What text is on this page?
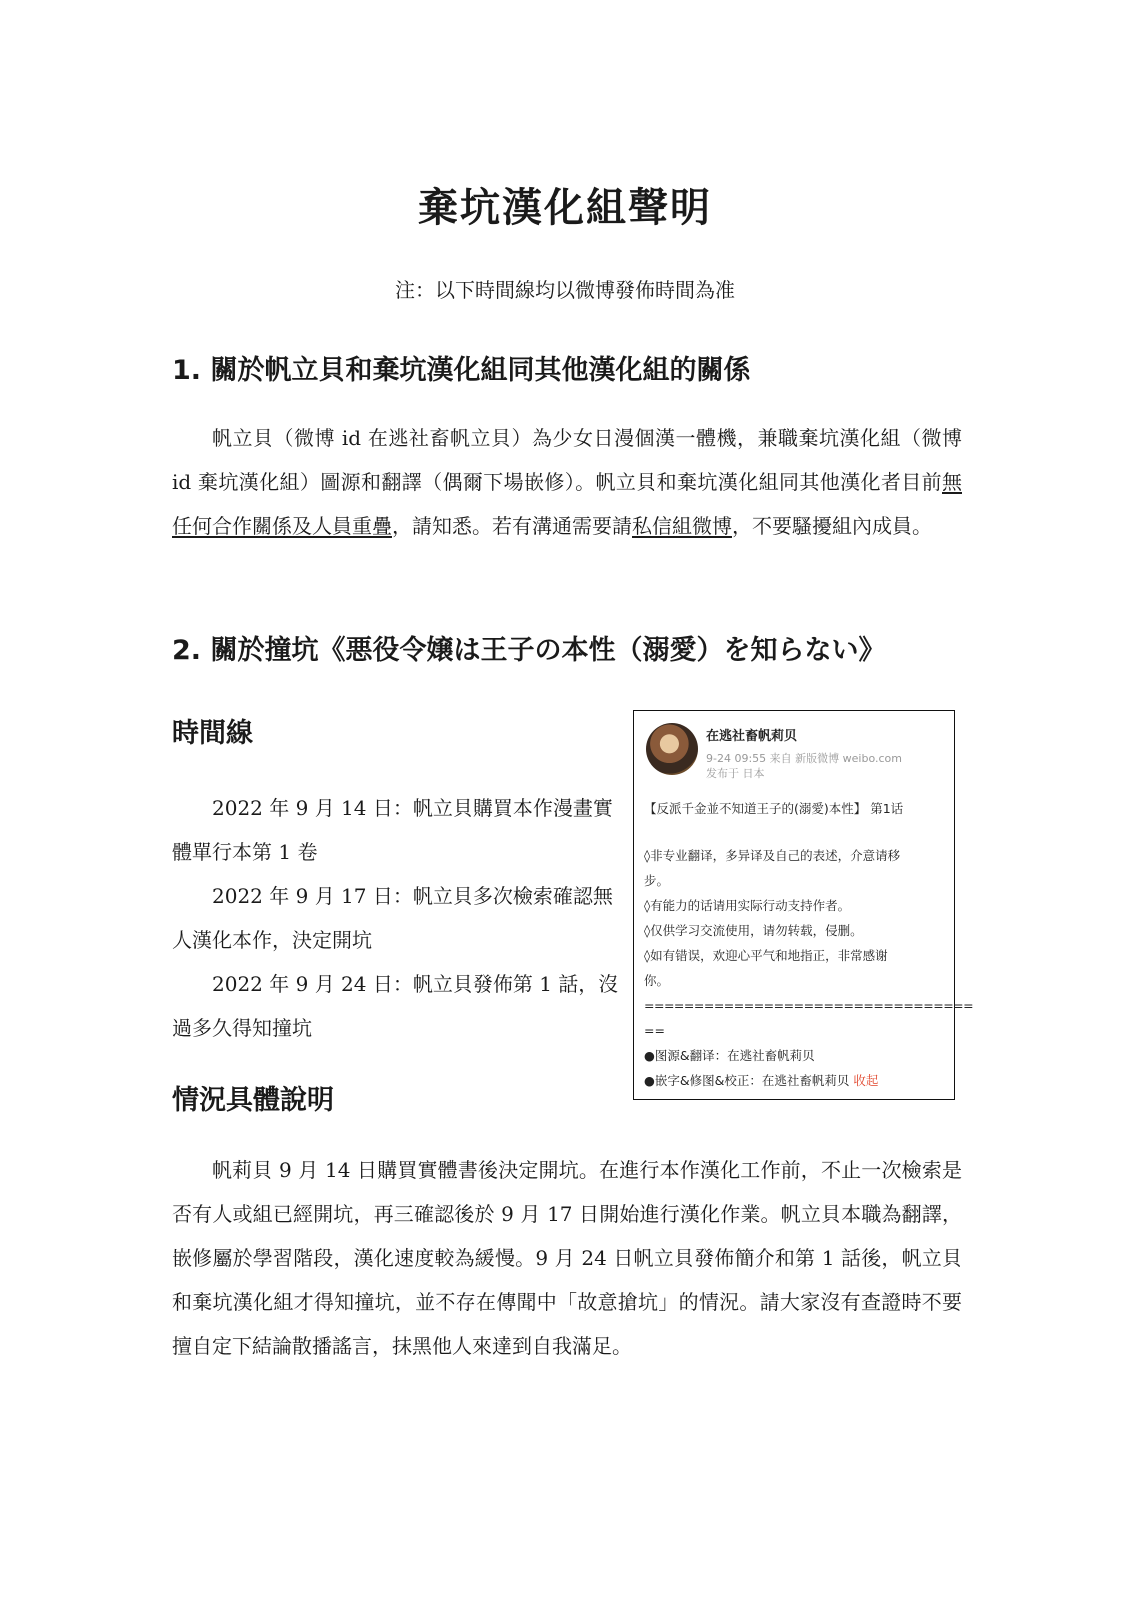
棄坑漢化組聲明

注：以下時間線均以微博發佈時間為准

1. 關於帆立貝和棄坑漢化組同其他漢化組的關係

帆立貝（微博 id 在逃社畜帆立貝）為少女日漫個漢一體機，兼職棄坑漢化組（微博 id 棄坑漢化組）圖源和翻譯（偶爾下場嵌修）。帆立貝和棄坑漢化組同其他漢化者目前無任何合作關係及人員重疊，請知悉。若有溝通需要請私信組微博，不要騷擾組內成員。

2. 關於撞坑《悪役令嬢は王子の本性（溺愛）を知らない》
時間線

2022 年 9 月 14 日：帆立貝購買本作漫畫實體單行本第 1 卷

2022 年 9 月 17 日：帆立貝多次檢索確認無人漢化本作，決定開坑

2022 年 9 月 24 日：帆立貝發佈第 1 話，沒過多久得知撞坑

在逃社畜帆莉贝
9-24 09:55 来自 新版微博 weibo.com
发布于 日本
【反派千金並不知道王子的(溺愛)本性】 第1话
◊非专业翻译，多异译及自己的表述，介意请移
步。
◊有能力的话请用实际行动支持作者。
◊仅供学习交流使用，请勿转载，侵删。
◊如有错误，欢迎心平气和地指正，非常感谢
你。
=================================
==
●图源&翻译：在逃社畜帆莉贝
●嵌字&修图&校正：在逃社畜帆莉贝 收起
情況具體說明

帆莉貝 9 月 14 日購買實體書後決定開坑。在進行本作漢化工作前，不止一次檢索是否有人或組已經開坑，再三確認後於 9 月 17 日開始進行漢化作業。帆立貝本職為翻譯，嵌修屬於學習階段，漢化速度較為緩慢。9 月 24 日帆立貝發佈簡介和第 1 話後，帆立貝和棄坑漢化組才得知撞坑，並不存在傳聞中「故意搶坑」的情況。請大家沒有查證時不要擅自定下結論散播謠言，抹黑他人來達到自我滿足。
